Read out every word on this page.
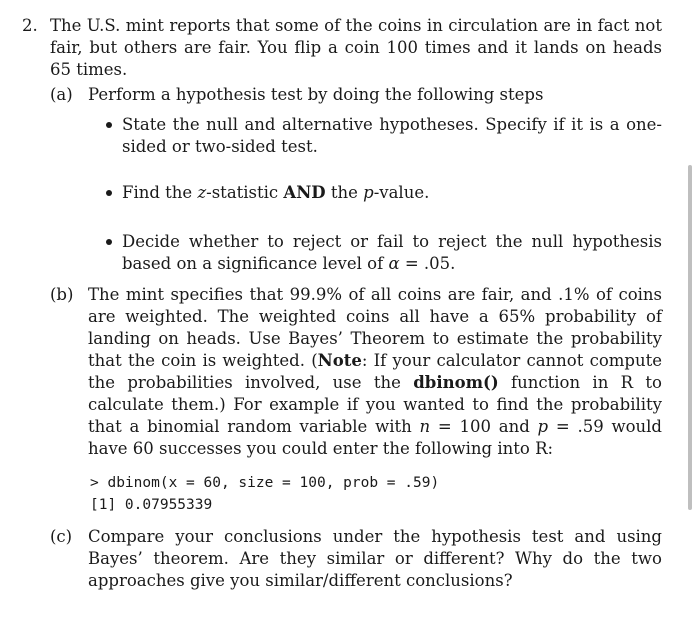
2. The U.S. mint reports that some of the coins in circulation are in fact not fair, but others are fair. You flip a coin 100 times and it lands on heads 65 times.
(a) Perform a hypothesis test by doing the following steps
State the null and alternative hypotheses. Specify if it is a one-sided or two-sided test.
Find the z-statistic AND the p-value.
Decide whether to reject or fail to reject the null hypothesis based on a significance level of α = .05.
(b) The mint specifies that 99.9% of all coins are fair, and .1% of coins are weighted. The weighted coins all have a 65% probability of landing on heads. Use Bayes’ Theorem to estimate the probability that the coin is weighted. (Note: If your calculator cannot compute the probabilities involved, use the dbinom() function in R to calculate them.) For example if you wanted to find the probability that a binomial random variable with n = 100 and p = .59 would have 60 successes you could enter the following into R:
> dbinom(x = 60, size = 100, prob = .59)
[1] 0.07955339
(c) Compare your conclusions under the hypothesis test and using Bayes’ theorem. Are they similar or different? Why do the two approaches give you similar/different conclusions?
